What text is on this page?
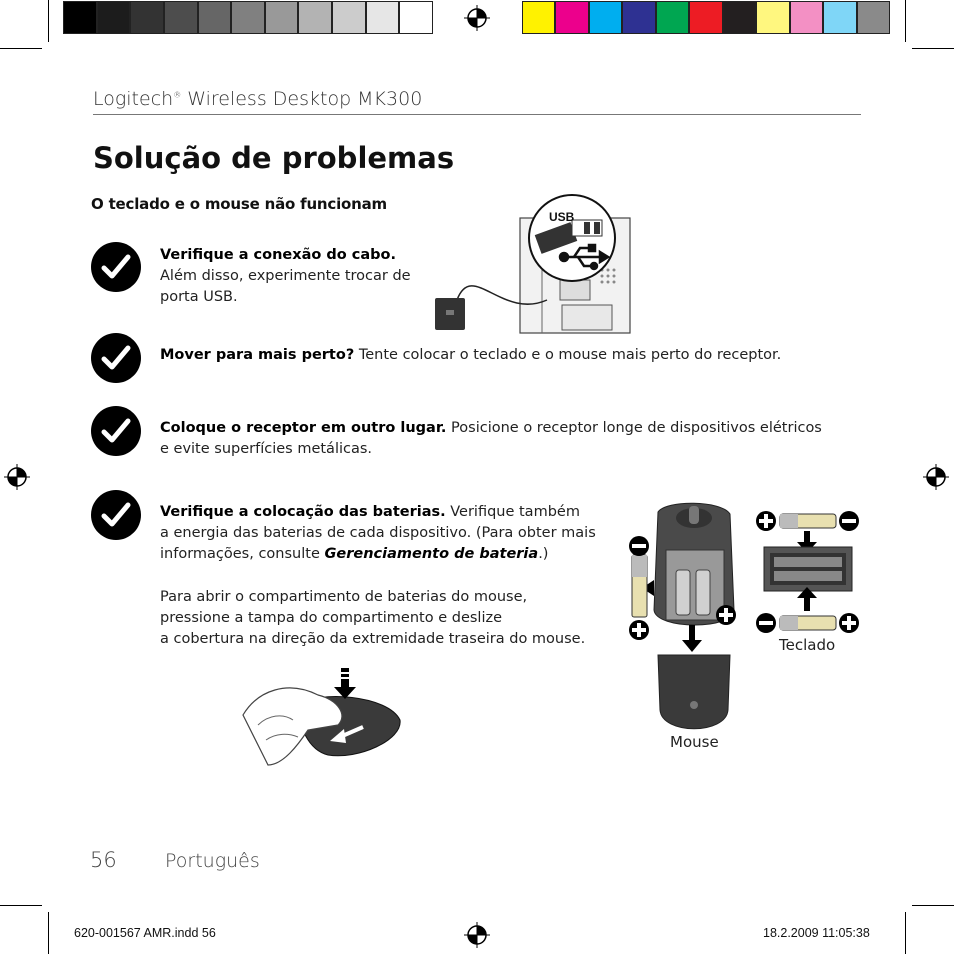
Logitech® Wireless Desktop MK300
Solução de problemas
O teclado e o mouse não funcionam
Verifique a conexão do cabo.
Além disso, experimente trocar de
porta USB.
Mover para mais perto? Tente colocar o teclado e o mouse mais perto do receptor.
Coloque o receptor em outro lugar. Posicione o receptor longe de dispositivos elétricos
e evite superfícies metálicas.
Verifique a colocação das baterias. Verifique também
a energia das baterias de cada dispositivo. (Para obter mais
informações, consulte Gerenciamento de bateria.)
Para abrir o compartimento de baterias do mouse,
pressione a tampa do compartimento e deslize
a cobertura na direção da extremidade traseira do mouse.
USB
Mouse
Teclado
56	Português
620-001567 AMR.indd 56	18.2.2009 11:05:38
